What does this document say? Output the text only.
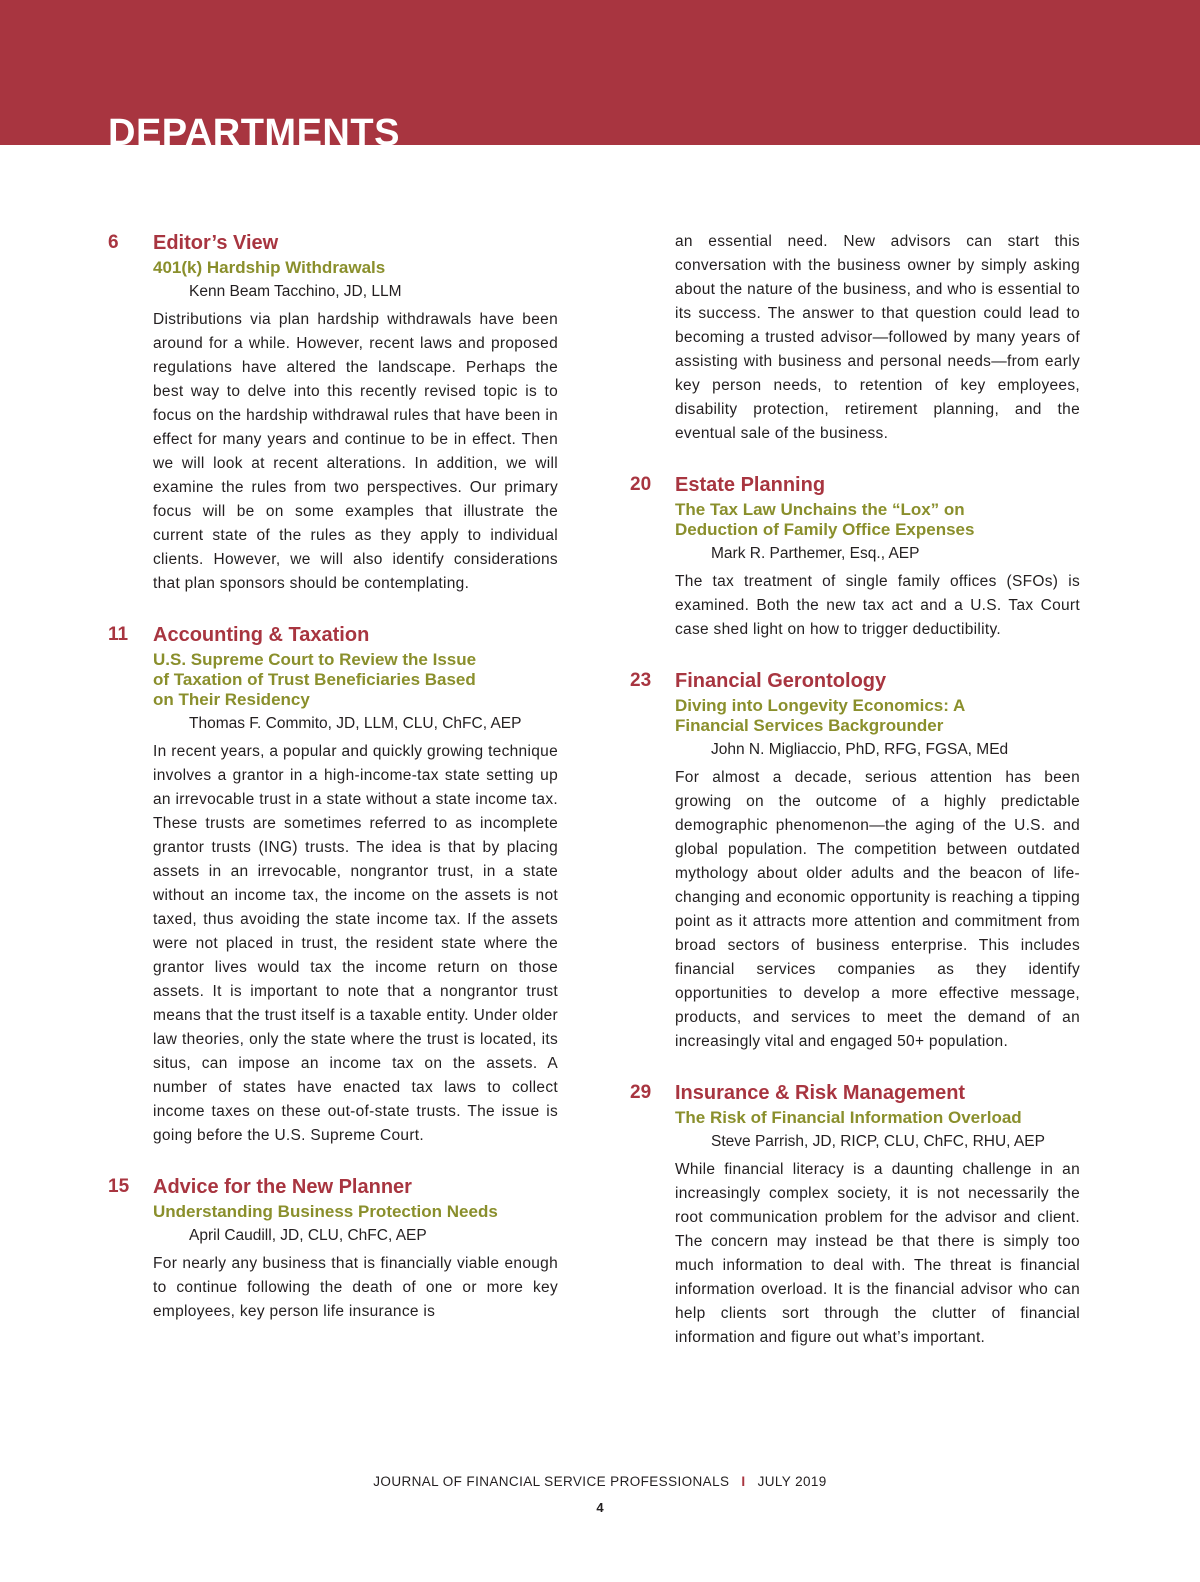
DEPARTMENTS
6 Editor’s View
401(k) Hardship Withdrawals
Kenn Beam Tacchino, JD, LLM

Distributions via plan hardship withdrawals have been around for a while. However, recent laws and proposed regulations have altered the landscape. Perhaps the best way to delve into this recently revised topic is to focus on the hardship withdrawal rules that have been in effect for many years and continue to be in effect. Then we will look at recent alterations. In addition, we will examine the rules from two perspectives. Our primary focus will be on some examples that illustrate the current state of the rules as they apply to individual clients. However, we will also identify considerations that plan sponsors should be contemplating.

11 Accounting & Taxation
U.S. Supreme Court to Review the Issue of Taxation of Trust Beneficiaries Based on Their Residency
Thomas F. Commito, JD, LLM, CLU, ChFC, AEP

In recent years, a popular and quickly growing technique involves a grantor in a high-income-tax state setting up an irrevocable trust in a state without a state income tax. These trusts are sometimes referred to as incomplete grantor trusts (ING) trusts. The idea is that by placing assets in an irrevocable, nongrantor trust, in a state without an income tax, the income on the assets is not taxed, thus avoiding the state income tax. If the assets were not placed in trust, the resident state where the grantor lives would tax the income return on those assets. It is important to note that a nongrantor trust means that the trust itself is a taxable entity. Under older law theories, only the state where the trust is located, its situs, can impose an income tax on the assets. A number of states have enacted tax laws to collect income taxes on these out-of-state trusts. The issue is going before the U.S. Supreme Court.

15 Advice for the New Planner
Understanding Business Protection Needs
April Caudill, JD, CLU, ChFC, AEP

For nearly any business that is financially viable enough to continue following the death of one or more key employees, key person life insurance is

an essential need. New advisors can start this conversation with the business owner by simply asking about the nature of the business, and who is essential to its success. The answer to that question could lead to becoming a trusted advisor—followed by many years of assisting with business and personal needs—from early key person needs, to retention of key employees, disability protection, retirement planning, and the eventual sale of the business.

20 Estate Planning
The Tax Law Unchains the “Lox” on Deduction of Family Office Expenses
Mark R. Parthemer, Esq., AEP

The tax treatment of single family offices (SFOs) is examined. Both the new tax act and a U.S. Tax Court case shed light on how to trigger deductibility.

23 Financial Gerontology
Diving into Longevity Economics: A Financial Services Backgrounder
John N. Migliaccio, PhD, RFG, FGSA, MEd

For almost a decade, serious attention has been growing on the outcome of a highly predictable demographic phenomenon—the aging of the U.S. and global population. The competition between outdated mythology about older adults and the beacon of life-changing and economic opportunity is reaching a tipping point as it attracts more attention and commitment from broad sectors of business enterprise. This includes financial services companies as they identify opportunities to develop a more effective message, products, and services to meet the demand of an increasingly vital and engaged 50+ population.

29 Insurance & Risk Management
The Risk of Financial Information Overload
Steve Parrish, JD, RICP, CLU, ChFC, RHU, AEP

While financial literacy is a daunting challenge in an increasingly complex society, it is not necessarily the root communication problem for the advisor and client. The concern may instead be that there is simply too much information to deal with. The threat is financial information overload. It is the financial advisor who can help clients sort through the clutter of financial information and figure out what’s important.

JOURNAL OF FINANCIAL SERVICE PROFESSIONALS I JULY 2019
4
